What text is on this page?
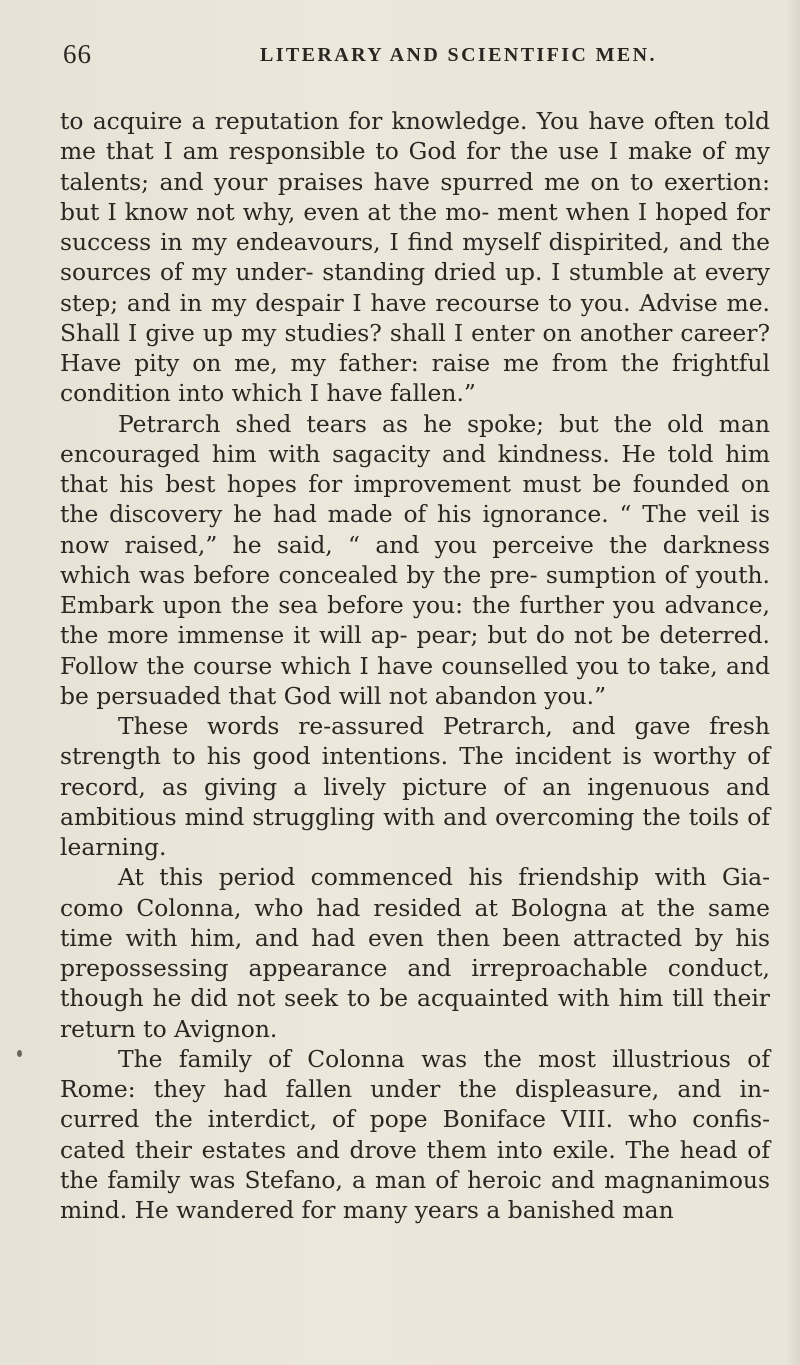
66	LITERARY AND SCIENTIFIC MEN.

to acquire a reputation for knowledge. You have often told me that I am responsible to God for the use I make of my talents; and your praises have spurred me on to exertion: but I know not why, even at the mo- ment when I hoped for success in my endeavours, I find myself dispirited, and the sources of my under- standing dried up. I stumble at every step; and in my despair I have recourse to you. Advise me. Shall I give up my studies? shall I enter on another career? Have pity on me, my father: raise me from the frightful condition into which I have fallen.”

Petrarch shed tears as he spoke; but the old man encouraged him with sagacity and kindness. He told him that his best hopes for improvement must be founded on the discovery he had made of his ignorance. “ The veil is now raised,” he said, “ and you perceive the darkness which was before concealed by the pre- sumption of youth. Embark upon the sea before you: the further you advance, the more immense it will ap- pear; but do not be deterred. Follow the course which I have counselled you to take, and be persuaded that God will not abandon you.”

These words re-assured Petrarch, and gave fresh strength to his good intentions. The incident is worthy of record, as giving a lively picture of an ingenuous and ambitious mind struggling with and overcoming the toils of learning.

At this period commenced his friendship with Gia- como Colonna, who had resided at Bologna at the same time with him, and had even then been attracted by his prepossessing appearance and irreproachable conduct, though he did not seek to be acquainted with him till their return to Avignon.

The family of Colonna was the most illustrious of Rome: they had fallen under the displeasure, and in- curred the interdict, of pope Boniface VIII. who confis- cated their estates and drove them into exile. The head of the family was Stefano, a man of heroic and magnanimous mind. He wandered for many years a banished man
